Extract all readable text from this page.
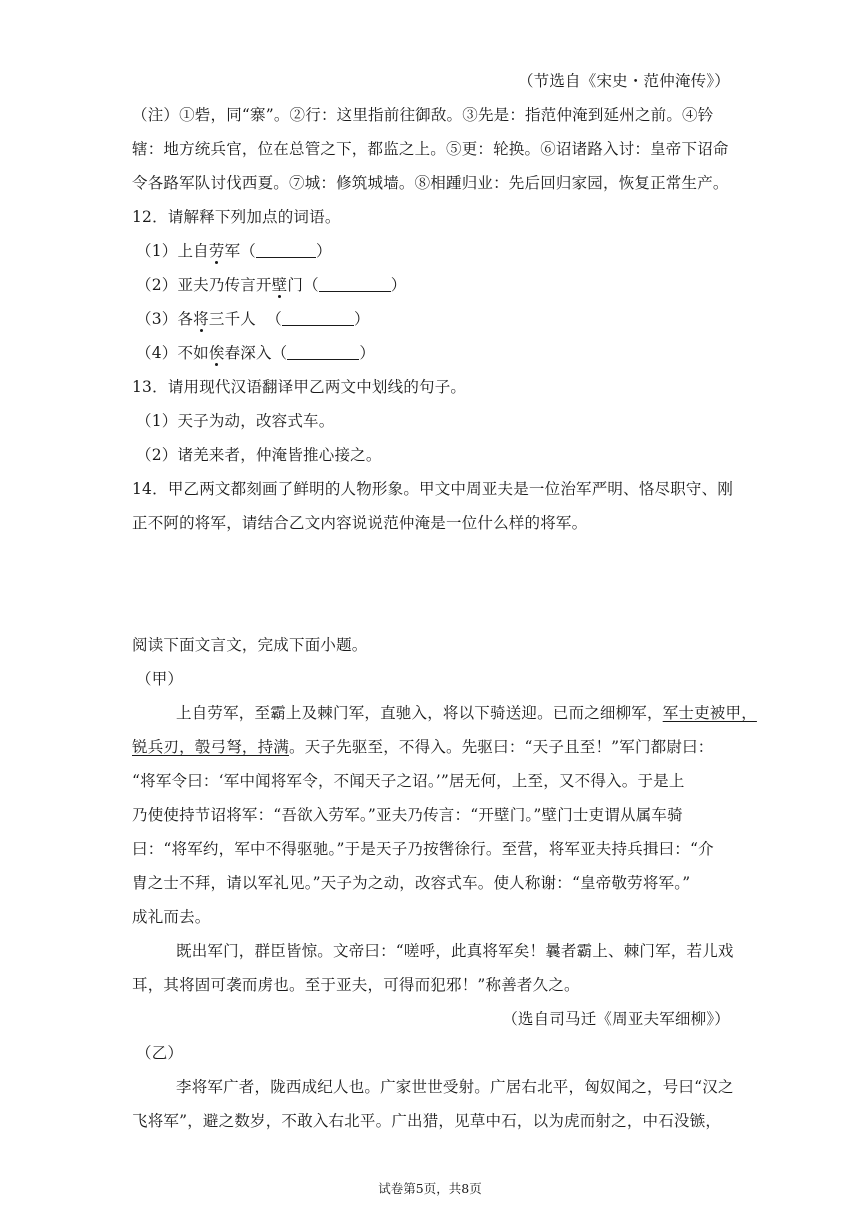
（节选自《宋史・范仲淹传》）
（注）①砦，同“寨”。②行：这里指前往御敌。③先是：指范仲淹到延州之前。④钤
辖：地方统兵官，位在总管之下，都监之上。⑤更：轮换。⑥诏诸路入讨：皇帝下诏命
令各路军队讨伐西夏。⑦城：修筑城墙。⑧相踵归业：先后回归家园，恢复正常生产。
12．请解释下列加点的词语。
（1）上自劳军（	）
（2）亚夫乃传言开壁门（	）
（3）各将三千人  （	）
（4）不如俟春深入（	）
13．请用现代汉语翻译甲乙两文中划线的句子。
（1）天子为动，改容式车。
（2）诸羌来者，仲淹皆推心接之。
14．甲乙两文都刻画了鲜明的人物形象。甲文中周亚夫是一位治军严明、恪尽职守、刚
正不阿的将军，请结合乙文内容说说范仲淹是一位什么样的将军。
阅读下面文言文，完成下面小题。
（甲）
上自劳军，至霸上及棘门军，直驰入，将以下骑送迎。已而之细柳军，军士吏被甲，
锐兵刃，彀弓弩，持满。天子先驱至，不得入。先驱曰：“天子且至！”军门都尉曰：
“将军令曰：‘军中闻将军令，不闻天子之诏。’”居无何，上至，又不得入。于是上
乃使使持节诏将军：“吾欲入劳军。”亚夫乃传言：“开壁门。”壁门士吏谓从属车骑
曰：“将军约，军中不得驱驰。”于是天子乃按辔徐行。至营，将军亚夫持兵揖曰：“介
胄之士不拜，请以军礼见。”天子为之动，改容式车。使人称谢：“皇帝敬劳将军。”
成礼而去。
既出军门，群臣皆惊。文帝曰：“嗟呼，此真将军矣！曩者霸上、棘门军，若儿戏
耳，其将固可袭而虏也。至于亚夫，可得而犯邪！”称善者久之。
（选自司马迁《周亚夫军细柳》）
（乙）
李将军广者，陇西成纪人也。广家世世受射。广居右北平，匈奴闻之，号曰“汉之
飞将军”，避之数岁，不敢入右北平。广出猎，见草中石，以为虎而射之，中石没镞，
试卷第5页，共8页
